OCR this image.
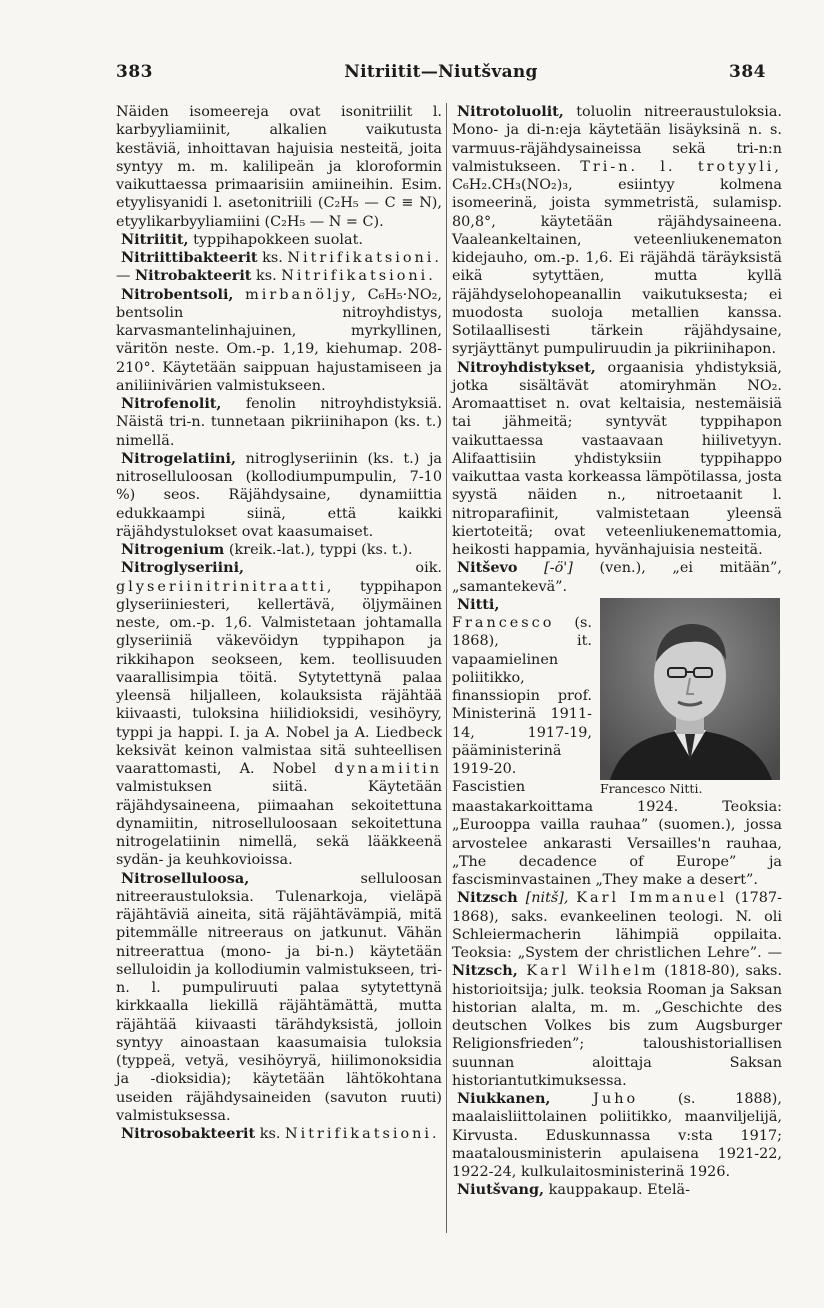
383	Nitriitit—Niutšvang	384

Näiden isomeereja ovat isonitriilit l. karbyyliamiinit, alkalien vaikutusta kestäviä, inhoittavan hajuisia nesteitä, joita syntyy m. m. kalilipeän ja kloroformin vaikuttaessa primaarisiin amiineihin. Esim. etyylisyanidi l. asetonitriili (C₂H₅ — C ≡ N), etyylikarbyyliamiini (C₂H₅ — N = C).

Nitriitit, typpihapokkeen suolat.

Nitriittibakteerit ks. Nitrifikatsioni. — Nitrobakteerit ks. Nitrifikatsioni.

Nitrobentsoli, mirbanöljy, C₆H₅·NO₂, bentsolin nitroyhdistys, karvasmantelinhajuinen, myrkyllinen, väritön neste. Om.-p. 1,19, kiehumap. 208-210°. Käytetään saippuan hajustamiseen ja aniliinivärien valmistukseen.

Nitrofenolit, fenolin nitroyhdistyksiä. Näistä tri-n. tunnetaan pikriinihapon (ks. t.) nimellä.

Nitrogelatiini, nitroglyseriinin (ks. t.) ja nitroselluloosan (kollodiumpumpulin, 7-10 %) seos. Räjähdysaine, dynamiittia edukkaampi siinä, että kaikki räjähdystulokset ovat kaasumaiset.

Nitrogenium (kreik.-lat.), typpi (ks. t.).

Nitroglyseriini, oik. glyseriinitrinitraatti, typpihapon glyseriiniesteri, kellertävä, öljymäinen neste, om.-p. 1,6. Valmistetaan johtamalla glyseriiniä väkevöidyn typpihapon ja rikkihapon seokseen, kem. teollisuuden vaarallisimpia töitä. Sytytettynä palaa yleensä hiljalleen, kolauksista räjähtää kiivaasti, tuloksina hiilidioksidi, vesihöyry, typpi ja happi. I. ja A. Nobel ja A. Liedbeck keksivät keinon valmistaa sitä suhteellisen vaarattomasti, A. Nobel dynamiitin valmistuksen siitä. Käytetään räjähdysaineena, piimaahan sekoitettuna dynamiitin, nitroselluloosaan sekoitettuna nitrogelatiinin nimellä, sekä lääkkeenä sydän- ja keuhkovioissa.

Nitroselluloosa, selluloosan nitreeraustuloksia. Tulenarkoja, vieläpä räjähtäviä aineita, sitä räjähtävämpiä, mitä pitemmälle nitreeraus on jatkunut. Vähän nitreerattua (mono- ja bi-n.) käytetään selluloidin ja kollodiumin valmistukseen, tri-n. l. pumpuliruuti palaa sytytettynä kirkkaalla liekillä räjähtämättä, mutta räjähtää kiivaasti tärähdyksistä, jolloin syntyy ainoastaan kaasumaisia tuloksia (typpeä, vetyä, vesihöyryä, hiilimonoksidia ja -dioksidia); käytetään lähtökohtana useiden räjähdysaineiden (savuton ruuti) valmistuksessa.

Nitrosobakteerit ks. Nitrifikatsioni.

Nitrotoluolit, toluolin nitreeraustuloksia. Mono- ja di-n:eja käytetään lisäyksinä n. s. varmuus-räjähdysaineissa sekä tri-n:n valmistukseen. Tri-n. l. trotyyli, C₆H₂.CH₃(NO₂)₃, esiintyy kolmena isomeerinä, joista symmetristä, sulamisp. 80,8°, käytetään räjähdysaineena. Vaaleankeltainen, veteenliukenematon kidejauho, om.-p. 1,6. Ei räjähdä täräyksistä eikä sytyttäen, mutta kyllä räjähdyselohopeanallin vaikutuksesta; ei muodosta suoloja metallien kanssa. Sotilaallisesti tärkein räjähdysaine, syrjäyttänyt pumpuliruudin ja pikriinihapon.

Nitroyhdistykset, orgaanisia yhdistyksiä, jotka sisältävät atomiryhmän NO₂. Aromaattiset n. ovat keltaisia, nestemäisiä tai jähmeitä; syntyvät typpihapon vaikuttaessa vastaavaan hiilivetyyn. Alifaattisiin yhdistyksiin typpihappo vaikuttaa vasta korkeassa lämpötilassa, josta syystä näiden n., nitroetaanit l. nitroparafiinit, valmistetaan yleensä kiertoteitä; ovat veteenliukenemattomia, heikosti happamia, hyvänhajuisia nesteitä.

Nitševo [-ö'] (ven.), „ei mitään”, „samantekevä”.

Francesco Nitti.
Nitti, Francesco (s. 1868), it. vapaamielinen poliitikko, finanssiopin prof. Ministerinä 1911-14, 1917-19, pääministerinä 1919-20. Fascistien maastakarkoittama 1924. Teoksia: „Eurooppa vailla rauhaa” (suomen.), jossa arvostelee ankarasti Versailles'n rauhaa, „The decadence of Europe” ja fascisminvastainen „They make a desert”.

Nitzsch [nitš], Karl Immanuel (1787-1868), saks. evankeelinen teologi. N. oli Schleiermacherin lähimpiä oppilaita. Teoksia: „System der christlichen Lehre”. — Nitzsch, Karl Wilhelm (1818-80), saks. historioitsija; julk. teoksia Rooman ja Saksan historian alalta, m. m. „Geschichte des deutschen Volkes bis zum Augsburger Religionsfrieden”; taloushistoriallisen suunnan aloittaja Saksan historiantutkimuksessa.

Niukkanen, Juho (s. 1888), maalaisliittolainen poliitikko, maanviljelijä, Kirvusta. Eduskunnassa v:sta 1917; maatalousministerin apulaisena 1921-22, 1922-24, kulkulaitosministerinä 1926.

Niutšvang, kauppakaup. Etelä-
